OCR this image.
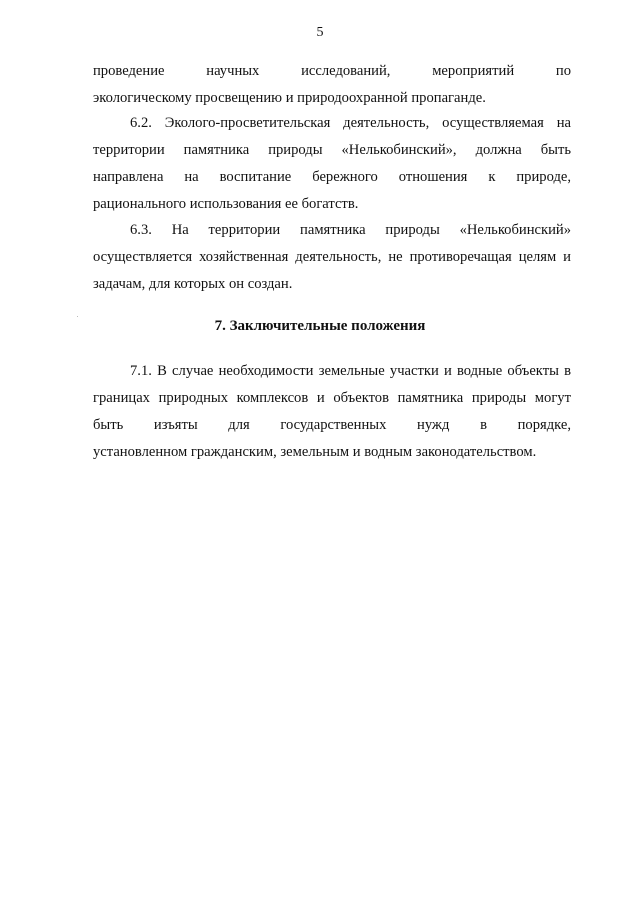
5
проведение научных исследований, мероприятий по
экологическому просвещению и природоохранной пропаганде.
6.2. Эколого-просветительская деятельность, осуществляемая на
территории памятника природы «Нелькобинский», должна быть
направлена на воспитание бережного отношения к природе,
рационального использования ее богатств.
6.3. На территории памятника природы «Нелькобинский»
осуществляется хозяйственная деятельность, не противоречащая целям и
задачам, для которых он создан.
7. Заключительные положения
7.1. В случае необходимости земельные участки и водные объекты в
границах природных комплексов и объектов памятника природы могут
быть изъяты для государственных нужд в порядке,
установленном гражданским, земельным и водным законодательством.
